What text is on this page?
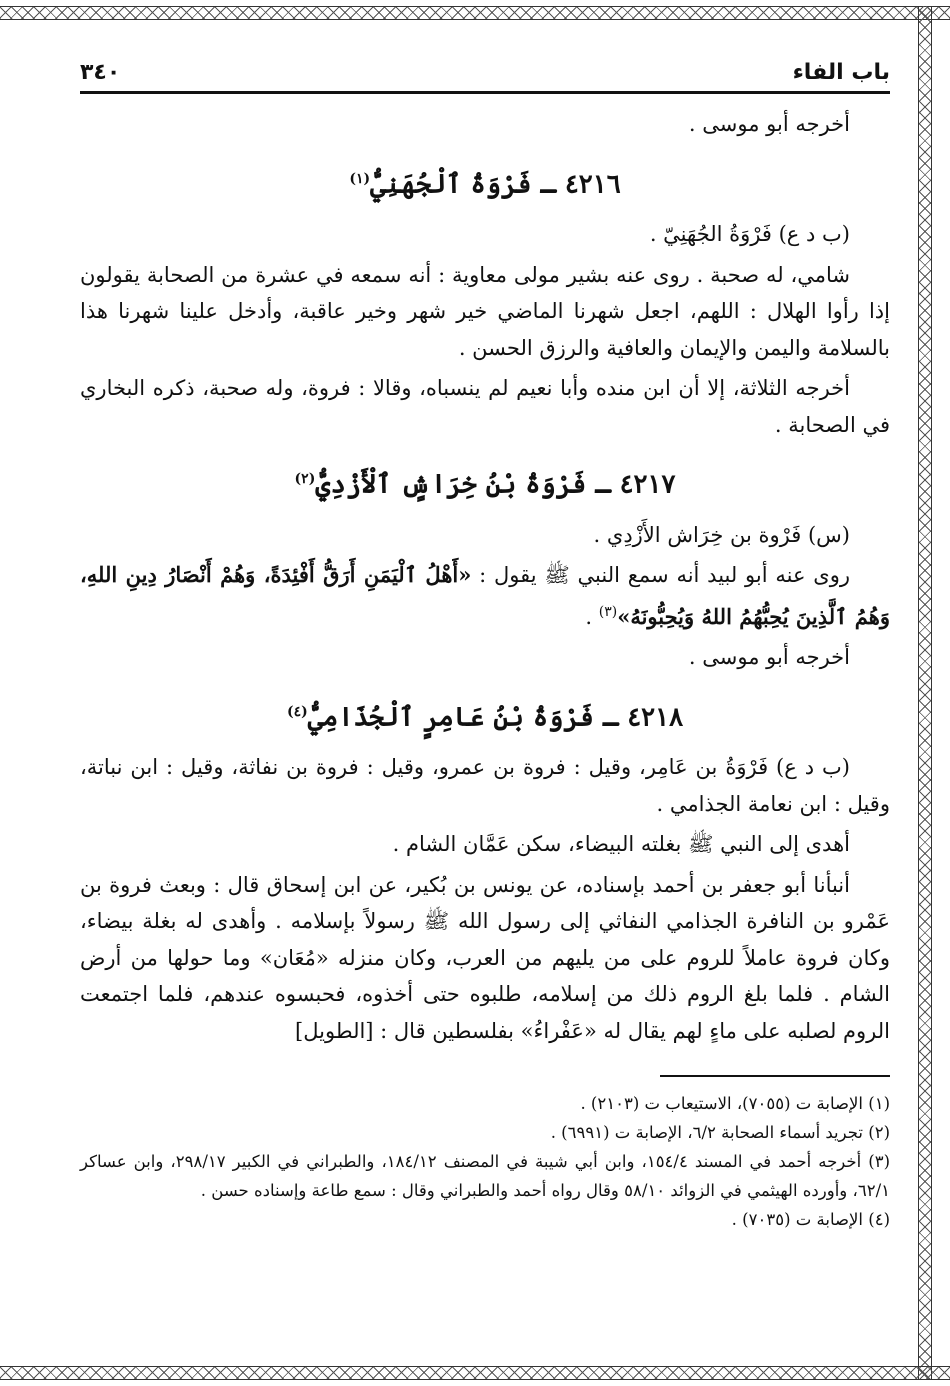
باب الفاء
٣٤٠

أخرجه أبو موسى .

٤٢١٦ ـ فَرْوَةُ ٱلْجُهَنِيُّ$^{(١)}$

(ب د ع) فَرْوَةُ الجُهَنِيّ .

شامي، له صحبة . روى عنه بشير مولى معاوية : أنه سمعه في عشرة من الصحابة يقولون إذا رأوا الهلال : اللهم، اجعل شهرنا الماضي خير شهر وخير عاقبة، وأدخل علينا شهرنا هذا بالسلامة واليمن والإيمان والعافية والرزق الحسن .

أخرجه الثلاثة، إلا أن ابن منده وأبا نعيم لم ينسباه، وقالا : فروة، وله صحبة، ذكره البخاري في الصحابة .

٤٢١٧ ـ فَرْوَةُ بْنُ خِرَاشٍ ٱلْأَزْدِيُّ$^{(٢)}$

(س) فَرْوة بن خِرَاش الأَزْدِي .

روى عنه أبو لبيد أنه سمع النبي ﷺ يقول : «أَهْلُ ٱلْيَمَنِ أَرَقُّ أَفْئِدَةً، وَهُمْ أَنْصَارُ دِينِ اللهِ، وَهُمُ ٱلَّذِينَ يُحِبُّهُمُ اللهُ وَيُحِبُّونَهُ»$^{(٣)}$ .

أخرجه أبو موسى .

٤٢١٨ ـ فَرْوَةُ بْنُ عَامِرٍ ٱلْجُذَامِيُّ$^{(٤)}$

(ب د ع) فَرْوَةُ بن عَامِر، وقيل : فروة بن عمرو، وقيل : فروة بن نفاثة، وقيل : ابن نباتة، وقيل : ابن نعامة الجذامي .

أهدى إلى النبي ﷺ بغلته البيضاء، سكن عَمَّان الشام .

أنبأنا أبو جعفر بن أحمد بإسناده، عن يونس بن بُكير، عن ابن إسحاق قال : وبعث فروة بن عَمْرو بن النافرة الجذامي النفاثي إلى رسول الله ﷺ رسولاً بإسلامه . وأهدى له بغلة بيضاء، وكان فروة عاملاً للروم على من يليهم من العرب، وكان منزله «مُعَان» وما حولها من أرض الشام . فلما بلغ الروم ذلك من إسلامه، طلبوه حتى أخذوه، فحبسوه عندهم، فلما اجتمعت الروم لصلبه على ماءٍ لهم يقال له «عَفْراءُ» بفلسطين قال : [الطويل]

(١) الإصابة ت (٧٠٥٥)، الاستيعاب ت (٢١٠٣) .

(٢) تجريد أسماء الصحابة ٦/٢، الإصابة ت (٦٩٩١) .

(٣) أخرجه أحمد في المسند ١٥٤/٤، وابن أبي شيبة في المصنف ١٨٤/١٢، والطبراني في الكبير ٢٩٨/١٧، وابن عساكر ٦٢/١، وأورده الهيثمي في الزوائد ٥٨/١٠ وقال رواه أحمد والطبراني وقال : سمع طاعة وإسناده حسن .

(٤) الإصابة ت (٧٠٣٥) .
